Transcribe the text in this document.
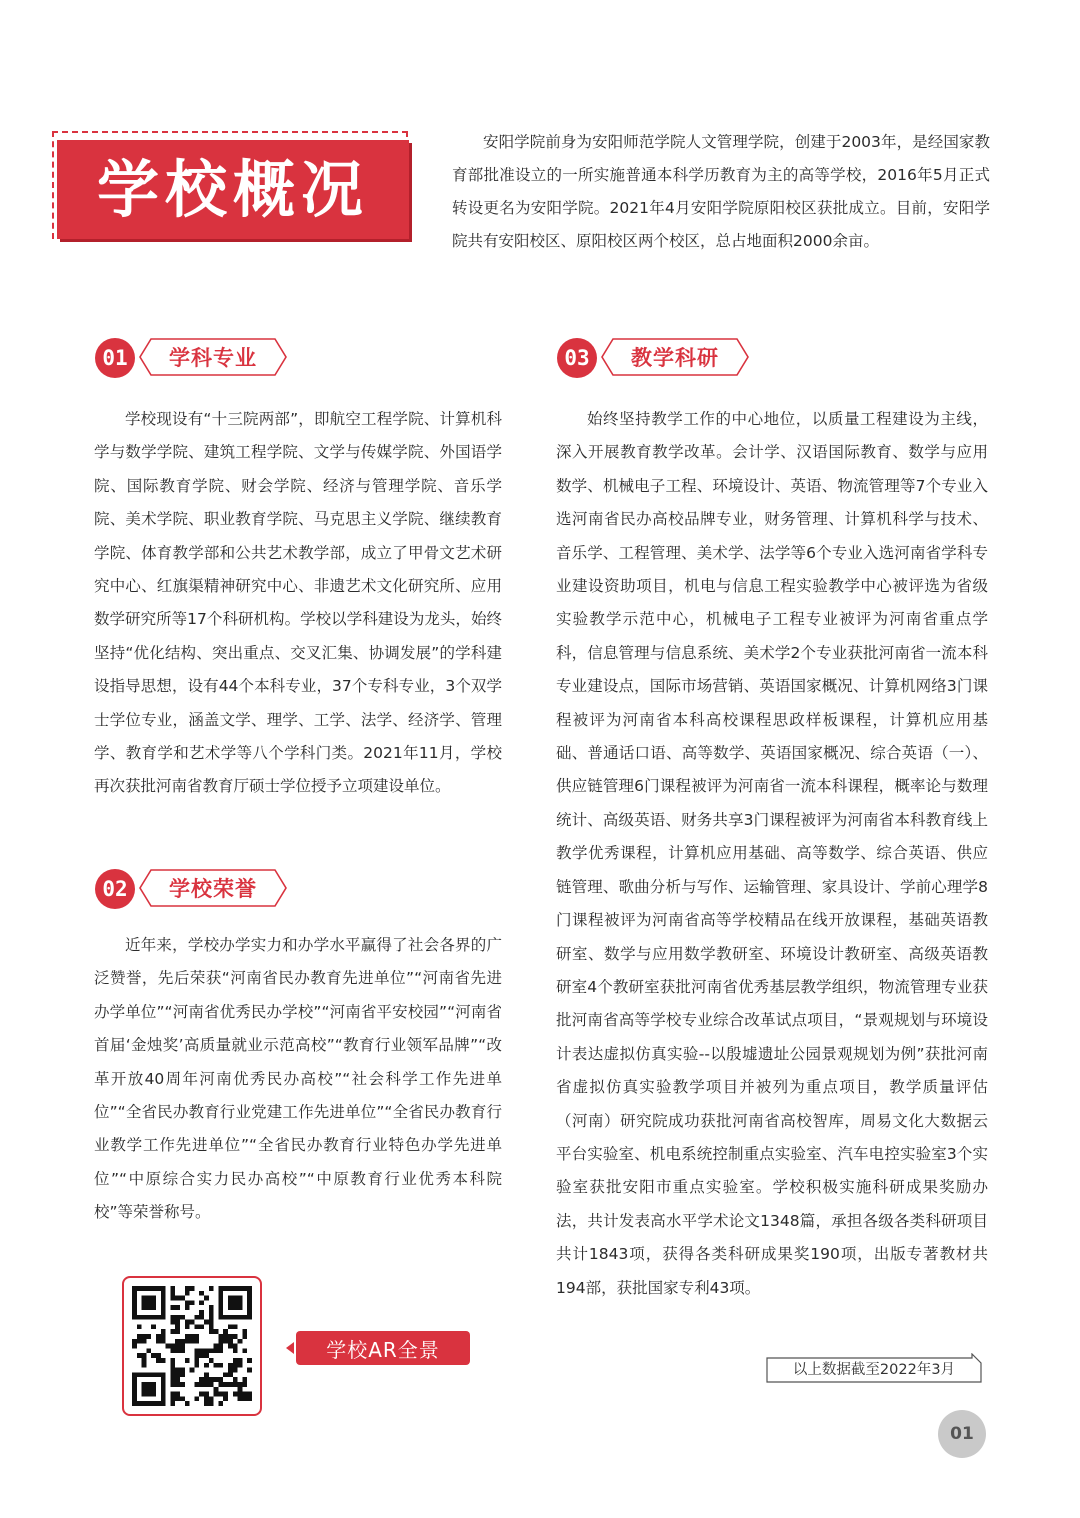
学校概况

安阳学院前身为安阳师范学院人文管理学院，创建于2003年，是经国家教育部批准设立的一所实施普通本科学历教育为主的高等学校，2016年5月正式转设更名为安阳学院。2021年4月安阳学院原阳校区获批成立。目前，安阳学院共有安阳校区、原阳校区两个校区，总占地面积2000余亩。

01	学科专业

学校现设有“十三院两部”，即航空工程学院、计算机科学与数学学院、建筑工程学院、文学与传媒学院、外国语学院、国际教育学院、财会学院、经济与管理学院、音乐学院、美术学院、职业教育学院、马克思主义学院、继续教育学院、体育教学部和公共艺术教学部，成立了甲骨文艺术研究中心、红旗渠精神研究中心、非遗艺术文化研究所、应用数学研究所等17个科研机构。学校以学科建设为龙头，始终坚持“优化结构、突出重点、交叉汇集、协调发展”的学科建设指导思想，设有44个本科专业，37个专科专业，3个双学士学位专业，涵盖文学、理学、工学、法学、经济学、管理学、教育学和艺术学等八个学科门类。2021年11月，学校再次获批河南省教育厅硕士学位授予立项建设单位。

02	学校荣誉

近年来，学校办学实力和办学水平赢得了社会各界的广泛赞誉，先后荣获“河南省民办教育先进单位”“河南省先进办学单位”“河南省优秀民办学校”“河南省平安校园”“河南省首届‘金烛奖’高质量就业示范高校”“教育行业领军品牌”“改革开放40周年河南优秀民办高校”“社会科学工作先进单位”“全省民办教育行业党建工作先进单位”“全省民办教育行业教学工作先进单位”“全省民办教育行业特色办学先进单位”“中原综合实力民办高校”“中原教育行业优秀本科院校”等荣誉称号。

03	教学科研

始终坚持教学工作的中心地位，以质量工程建设为主线，深入开展教育教学改革。会计学、汉语国际教育、数学与应用数学、机械电子工程、环境设计、英语、物流管理等7个专业入选河南省民办高校品牌专业，财务管理、计算机科学与技术、音乐学、工程管理、美术学、法学等6个专业入选河南省学科专业建设资助项目，机电与信息工程实验教学中心被评选为省级实验教学示范中心，机械电子工程专业被评为河南省重点学科，信息管理与信息系统、美术学2个专业获批河南省一流本科专业建设点，国际市场营销、英语国家概况、计算机网络3门课程被评为河南省本科高校课程思政样板课程，计算机应用基础、普通话口语、高等数学、英语国家概况、综合英语（一）、供应链管理6门课程被评为河南省一流本科课程，概率论与数理统计、高级英语、财务共享3门课程被评为河南省本科教育线上教学优秀课程，计算机应用基础、高等数学、综合英语、供应链管理、歌曲分析与写作、运输管理、家具设计、学前心理学8门课程被评为河南省高等学校精品在线开放课程，基础英语教研室、数学与应用数学教研室、环境设计教研室、高级英语教研室4个教研室获批河南省优秀基层教学组织，物流管理专业获批河南省高等学校专业综合改革试点项目，“景观规划与环境设计表达虚拟仿真实验--以殷墟遗址公园景观规划为例”获批河南省虚拟仿真实验教学项目并被列为重点项目，教学质量评估（河南）研究院成功获批河南省高校智库，周易文化大数据云平台实验室、机电系统控制重点实验室、汽车电控实验室3个实验室获批安阳市重点实验室。学校积极实施科研成果奖励办法，共计发表高水平学术论文1348篇，承担各级各类科研项目共计1843项，获得各类科研成果奖190项，出版专著教材共194部，获批国家专利43项。

学校AR全景
以上数据截至2022年3月
01
